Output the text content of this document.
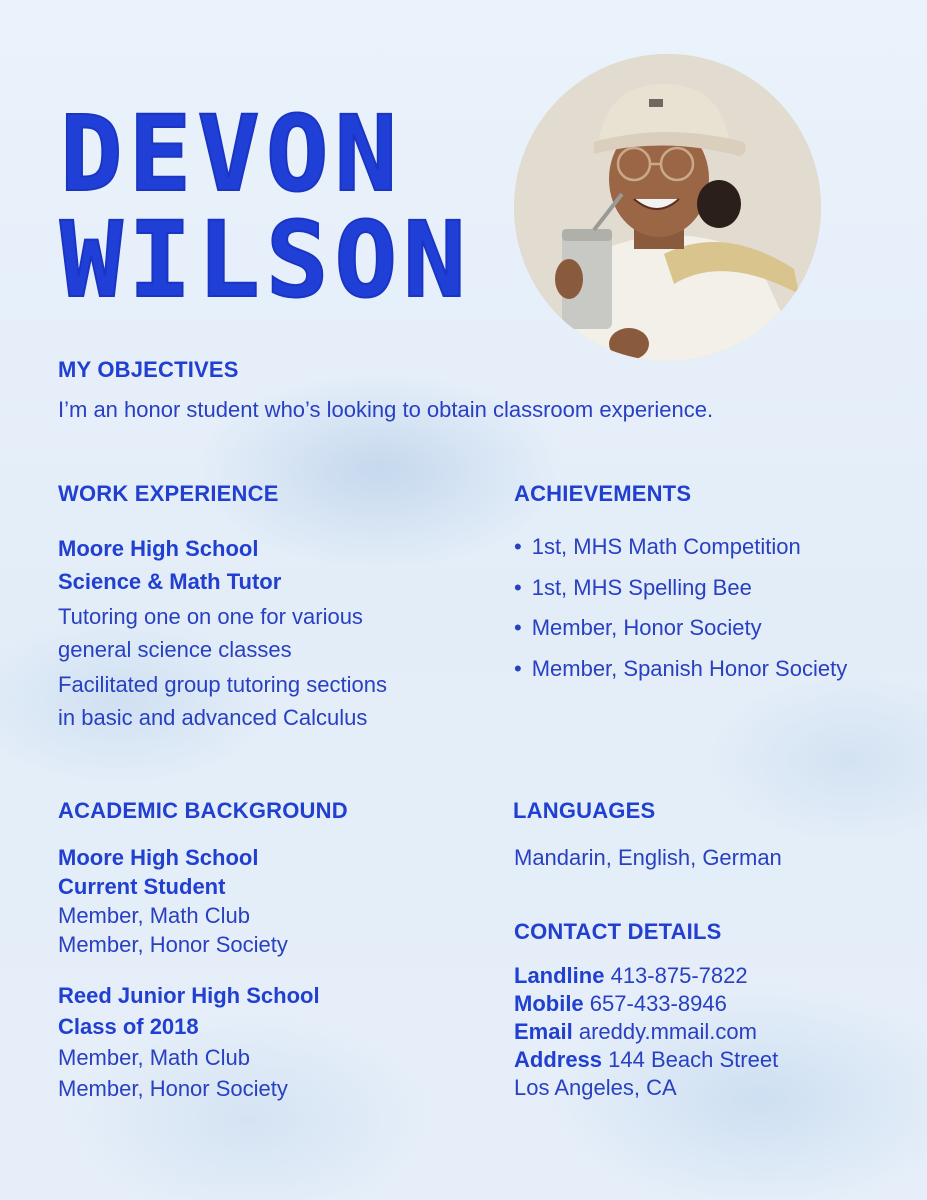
DEVON
WILSON
MY OBJECTIVES
I’m an honor student who’s looking to obtain classroom experience.
WORK EXPERIENCE
Moore High School
Science & Math Tutor
Tutoring one on one for various
general science classes
Facilitated group tutoring sections
in basic and advanced Calculus
ACHIEVEMENTS
• 1st, MHS Math Competition
• 1st, MHS Spelling Bee
• Member, Honor Society
• Member, Spanish Honor Society
ACADEMIC BACKGROUND
Moore High School
Current Student
Member, Math Club
Member, Honor Society
Reed Junior High School
Class of 2018
Member, Math Club
Member, Honor Society
LANGUAGES
Mandarin, English, German
CONTACT DETAILS
Landline 413-875-7822
Mobile 657-433-8946
Email areddy.mmail.com
Address 144 Beach Street
Los Angeles, CA
